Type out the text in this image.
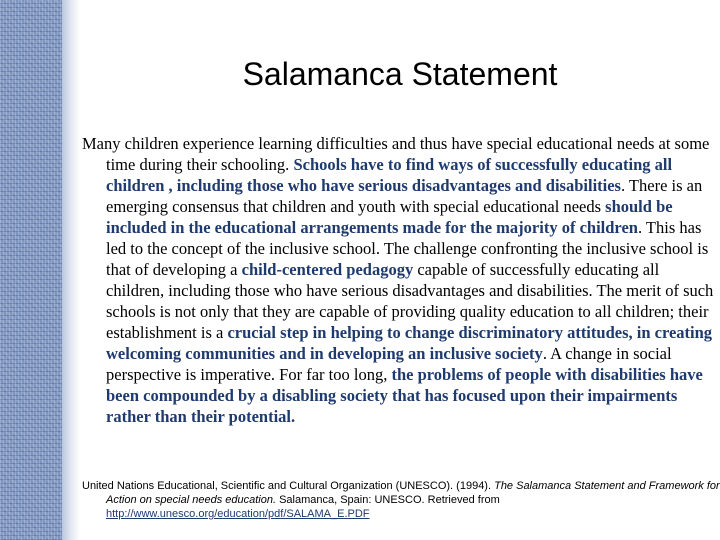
Salamanca Statement

Many children experience learning difficulties and thus have special educational needs at some time during their schooling. Schools have to find ways of successfully educating all children , including those who have serious disadvantages and disabilities. There is an emerging consensus that children and youth with special educational needs should be included in the educational arrangements made for the majority of children. This has led to the concept of the inclusive school. The challenge confronting the inclusive school is that of developing a child-centered pedagogy capable of successfully educating all children, including those who have serious disadvantages and disabilities. The merit of such schools is not only that they are capable of providing quality education to all children; their establishment is a crucial step in helping to change discriminatory attitudes, in creating welcoming communities and in developing an inclusive society. A change in social perspective is imperative. For far too long, the problems of people with disabilities have been compounded by a disabling society that has focused upon their impairments rather than their potential.

United Nations Educational, Scientific and Cultural Organization (UNESCO). (1994). The Salamanca Statement and Framework for Action on special needs education. Salamanca, Spain: UNESCO. Retrieved from http://www.unesco.org/education/pdf/SALAMA_E.PDF
